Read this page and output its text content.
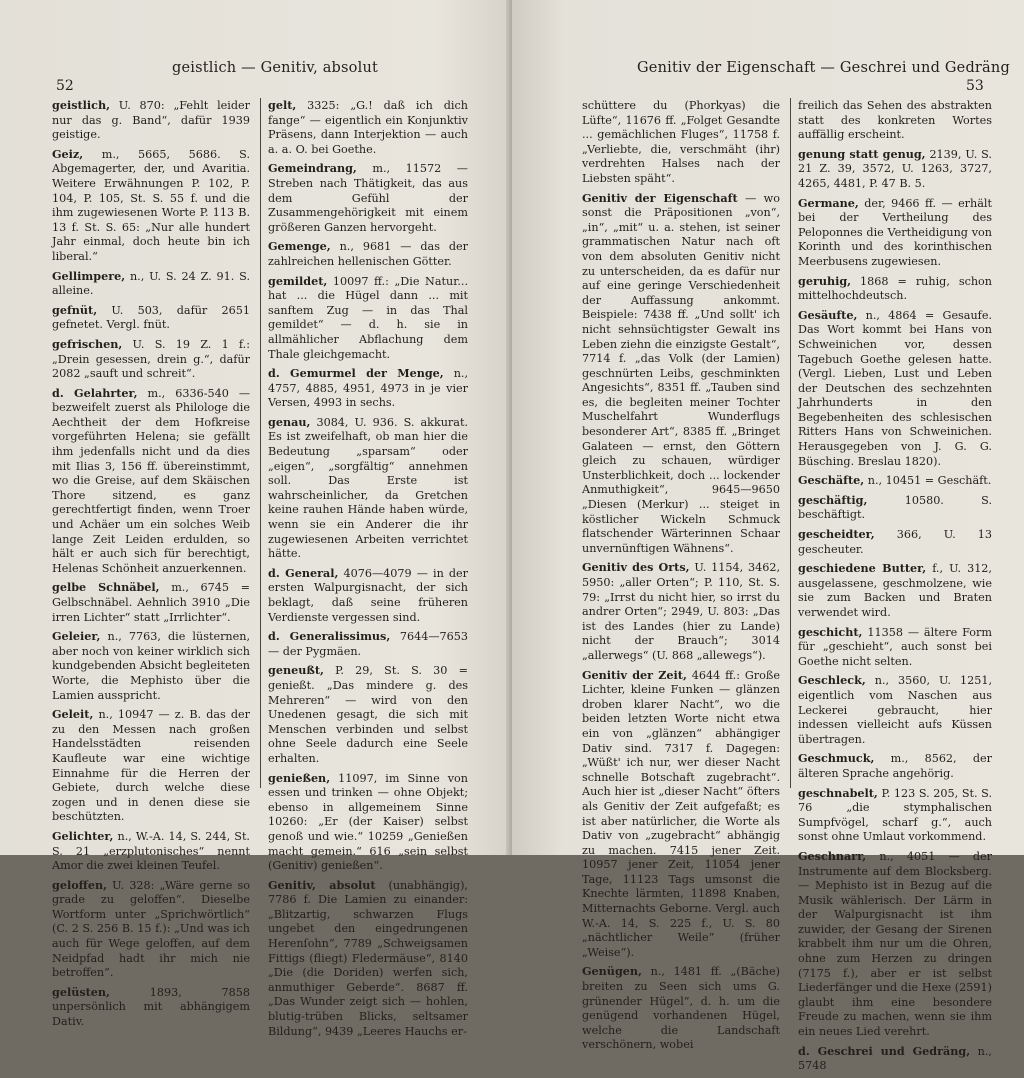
52
geistlich — Genitiv, absolut

geistlich, U. 870: „Fehlt leider nur das g. Band“, dafür 1939 geistige.

Geiz, m., 5665, 5686. S. Abgemagerter, der, und Avaritia. Weitere Erwähnungen P. 102, P. 104, P. 105, St. S. 55 f. und die ihm zugewiesenen Worte P. 113 B. 13 f. St. S. 65: „Nur alle hundert Jahr einmal, doch heute bin ich liberal.“

Gellimpere, n., U. S. 24 Z. 91. S. alleine.

gefnüt, U. 503, dafür 2651 gefnetet. Vergl. fnüt.

gefrischen, U. S. 19 Z. 1 f.: „Drein gesessen, drein g.“, dafür 2082 „sauft und schreit“.

d. Gelahrter, m., 6336-540 — bezweifelt zuerst als Philologe die Aechtheit der dem Hofkreise vorgeführten Helena; sie gefällt ihm jedenfalls nicht und da dies mit Ilias 3, 156 ff. übereinstimmt, wo die Greise, auf dem Skäischen Thore sitzend, es ganz gerechtfertigt finden, wenn Troer und Achäer um ein solches Weib lange Zeit Leiden erdulden, so hält er auch sich für berechtigt, Helenas Schönheit anzuerkennen.

gelbe Schnäbel, m., 6745 = Gelbschnäbel. Aehnlich 3910 „Die irren Lichter“ statt „Irrlichter“.

Geleier, n., 7763, die lüsternen, aber noch von keiner wirklich sich kundgebenden Absicht begleiteten Worte, die Mephisto über die Lamien ausspricht.

Geleit, n., 10947 — z. B. das der zu den Messen nach großen Handelsstädten reisenden Kaufleute war eine wichtige Einnahme für die Herren der Gebiete, durch welche diese zogen und in denen diese sie beschützten.

Gelichter, n., W.-A. 14, S. 244, St. S. 21 „erzplutonisches“ nennt Amor die zwei kleinen Teufel.

geloffen, U. 328: „Wäre gerne so grade zu geloffen“. Dieselbe Wortform unter „Sprichwörtlich“ (C. 2 S. 256 B. 15 f.): „Und was ich auch für Wege geloffen, auf dem Neidpfad hadt ihr mich nie betroffen“.

gelüsten,	1893, 7858 unpersönlich mit abhängigem Dativ.

gelt, 3325: „G.! daß ich dich fange“ — eigentlich ein Konjunktiv Präsens, dann Interjektion — auch a. a. O. bei Goethe.

Gemeindrang, m., 11572 — Streben nach Thätigkeit, das aus dem Gefühl der Zusammengehörigkeit mit einem größeren Ganzen hervorgeht.

Gemenge, n., 9681 — das der zahlreichen hellenischen Götter.

gemildet, 10097 ff.: „Die Natur... hat ... die Hügel dann ... mit sanftem Zug — in das Thal gemildet“ — d. h. sie in allmählicher Abflachung dem Thale gleichgemacht.

d. Gemurmel der Menge, n., 4757, 4885, 4951, 4973 in je vier Versen, 4993 in sechs.

genau, 3084, U. 936. S. akkurat. Es ist zweifelhaft, ob man hier die Bedeutung „sparsam“ oder „eigen“, „sorgfältig“ annehmen soll. Das Erste ist wahrscheinlicher, da Gretchen keine rauhen Hände haben würde, wenn sie ein Anderer die ihr zugewiesenen Arbeiten verrichtet hätte.

d. General, 4076—4079 — in der ersten Walpurgisnacht, der sich beklagt, daß seine früheren Verdienste vergessen sind.

d. Generalissimus, 7644—7653 — der Pygmäen.

geneußt, P. 29, St. S. 30 = genießt. „Das mindere g. des Mehreren“ — wird von den Unedenen gesagt, die sich mit Menschen verbinden und selbst ohne Seele dadurch eine Seele erhalten.

genießen, 11097, im Sinne von essen und trinken — ohne Objekt; ebenso in allgemeinem Sinne 10260: „Er (der Kaiser) selbst genoß und wie.“ 10259 „Genießen macht gemein.“ 616 „sein selbst (Genitiv) genießen“.

Genitiv, absolut (unabhängig), 7786 f. Die Lamien zu einander: „Blitzartig, schwarzen Flugs ungebet den eingedrungenen Herenſohn“, 7789 „Schweigsamen Fittigs (fliegt) Fledermäuse“, 8140 „Die (die Doriden) werfen sich, anmuthiger Geberde“. 8687 ff. „Das Wunder zeigt sich — hohlen, blutig-trüben Blicks, seltsamer Bildung“, 9439 „Leeres Hauchs er-

Genitiv der Eigenschaft — Geschrei und Gedräng
53

schüttere du (Phorkyas) die Lüfte“, 11676 ff. „Folget Gesandte ... gemächlichen Fluges“, 11758 f. „Verliebte, die, verschmäht (ihr) verdrehten Halses nach der Liebsten späht“.

Genitiv der Eigenschaft — wo sonst die Präpositionen „von“, „in“, „mit“ u. a. stehen, ist seiner grammatischen Natur nach oft von dem absoluten Genitiv nicht zu unterscheiden, da es dafür nur auf eine geringe Verschiedenheit der Auffassung ankommt. Beispiele: 7438 ff. „Und sollt' ich nicht sehnsüchtigster Gewalt ins Leben ziehn die einzigste Gestalt“, 7714 f. „das Volk (der Lamien) geschnürten Leibs, geschminkten Angesichts“, 8351 ff. „Tauben sind es, die begleiten meiner Tochter Muschelfahrt Wunderflugs besonderer Art“, 8385 ff. „Bringet Galateen — ernst, den Göttern gleich zu schauen, würdiger Unsterblichkeit, doch ... lockender Anmuthigkeit“, 9645—9650 „Diesen (Merkur) ... steiget in köstlicher Wickeln Schmuck flatschender Wärterinnen Schaar unvernünftigen Wähnens“.

Genitiv des Orts, U. 1154, 3462, 5950: „aller Orten“; P. 110, St. S. 79: „Irrst du nicht hier, so irrst du andrer Orten“; 2949, U. 803: „Das ist des Landes (hier zu Lande) nicht der Brauch“; 3014 „allerwegs“ (U. 868 „allewegs“).

Genitiv der Zeit, 4644 ff.: Große Lichter, kleine Funken — glänzen droben klarer Nacht“, wo die beiden letzten Worte nicht etwa ein von „glänzen“ abhängiger Dativ sind. 7317 f. Dagegen: „Wüßt' ich nur, wer dieser Nacht schnelle Botschaft zugebracht“. Auch hier ist „dieser Nacht“ öfters als Genitiv der Zeit aufgefaßt; es ist aber natürlicher, die Worte als Dativ von „zugebracht“ abhängig zu machen. 7415 jener Zeit. 10957 jener Zeit, 11054 jener Tage, 11123 Tags umsonst die Knechte lärmten, 11898 Knaben, Mitternachts Geborne. Vergl. auch W.-A. 14, S. 225 f., U. S. 80 „nächtlicher Weile“ (früher „Weise“).

Genügen, n., 1481 ff. „(Bäche) breiten zu Seen sich ums G. grünender Hügel“, d. h. um die genügend vorhandenen Hügel, welche die Landschaft verschönern, wobei

freilich das Sehen des abstrakten statt des konkreten Wortes auffällig erscheint.

genung statt genug, 2139, U. S. 21 Z. 39, 3572, U. 1263, 3727, 4265, 4481, P. 47 B. 5.

Germane, der, 9466 ff. — erhält bei der Vertheilung des Peloponnes die Vertheidigung von Korinth und des korinthischen Meerbusens zugewiesen.

geruhig, 1868 = ruhig, schon mittelhochdeutsch.

Gesäufte, n., 4864 = Gesaufe. Das Wort kommt bei Hans von Schweinichen vor, dessen Tagebuch Goethe gelesen hatte. (Vergl. Lieben, Lust und Leben der Deutschen des sechzehnten Jahrhunderts in den Begebenheiten des schlesischen Ritters Hans von Schweinichen. Herausgegeben von J. G. G. Büsching. Breslau 1820).

Geschäfte, n., 10451 = Geschäft.

geschäftig,	10580. S. beschäftigt.

gescheidter, 366, U. 13 gescheuter.

geschiedene Butter, f., U. 312, ausgelassene, geschmolzene, wie sie zum Backen und Braten verwendet wird.

geschicht, 11358 — ältere Form für „geschieht“, auch sonst bei Goethe nicht selten.

Geschleck, n., 3560, U. 1251, eigentlich vom Naschen aus Leckerei gebraucht, hier indessen vielleicht aufs Küssen übertragen.

Geschmuck, m., 8562, der älteren Sprache angehörig.

geschnabelt, P. 123 S. 205, St. S. 76 „die stymphalischen Sumpfvögel, scharf g.“, auch sonst ohne Umlaut vorkommend.

Geschnarr, n., 4051 — der Instrumente auf dem Blocksberg. — Mephisto ist in Bezug auf die Musik wählerisch. Der Lärm in der Walpurgisnacht ist ihm zuwider, der Gesang der Sirenen krabbelt ihm nur um die Ohren, ohne zum Herzen zu dringen (7175 f.), aber er ist selbst Liederfänger und die Hexe (2591) glaubt ihm eine besondere Freude zu machen, wenn sie ihm ein neues Lied verehrt.

d. Geschrei und Gedräng, n., 5748
